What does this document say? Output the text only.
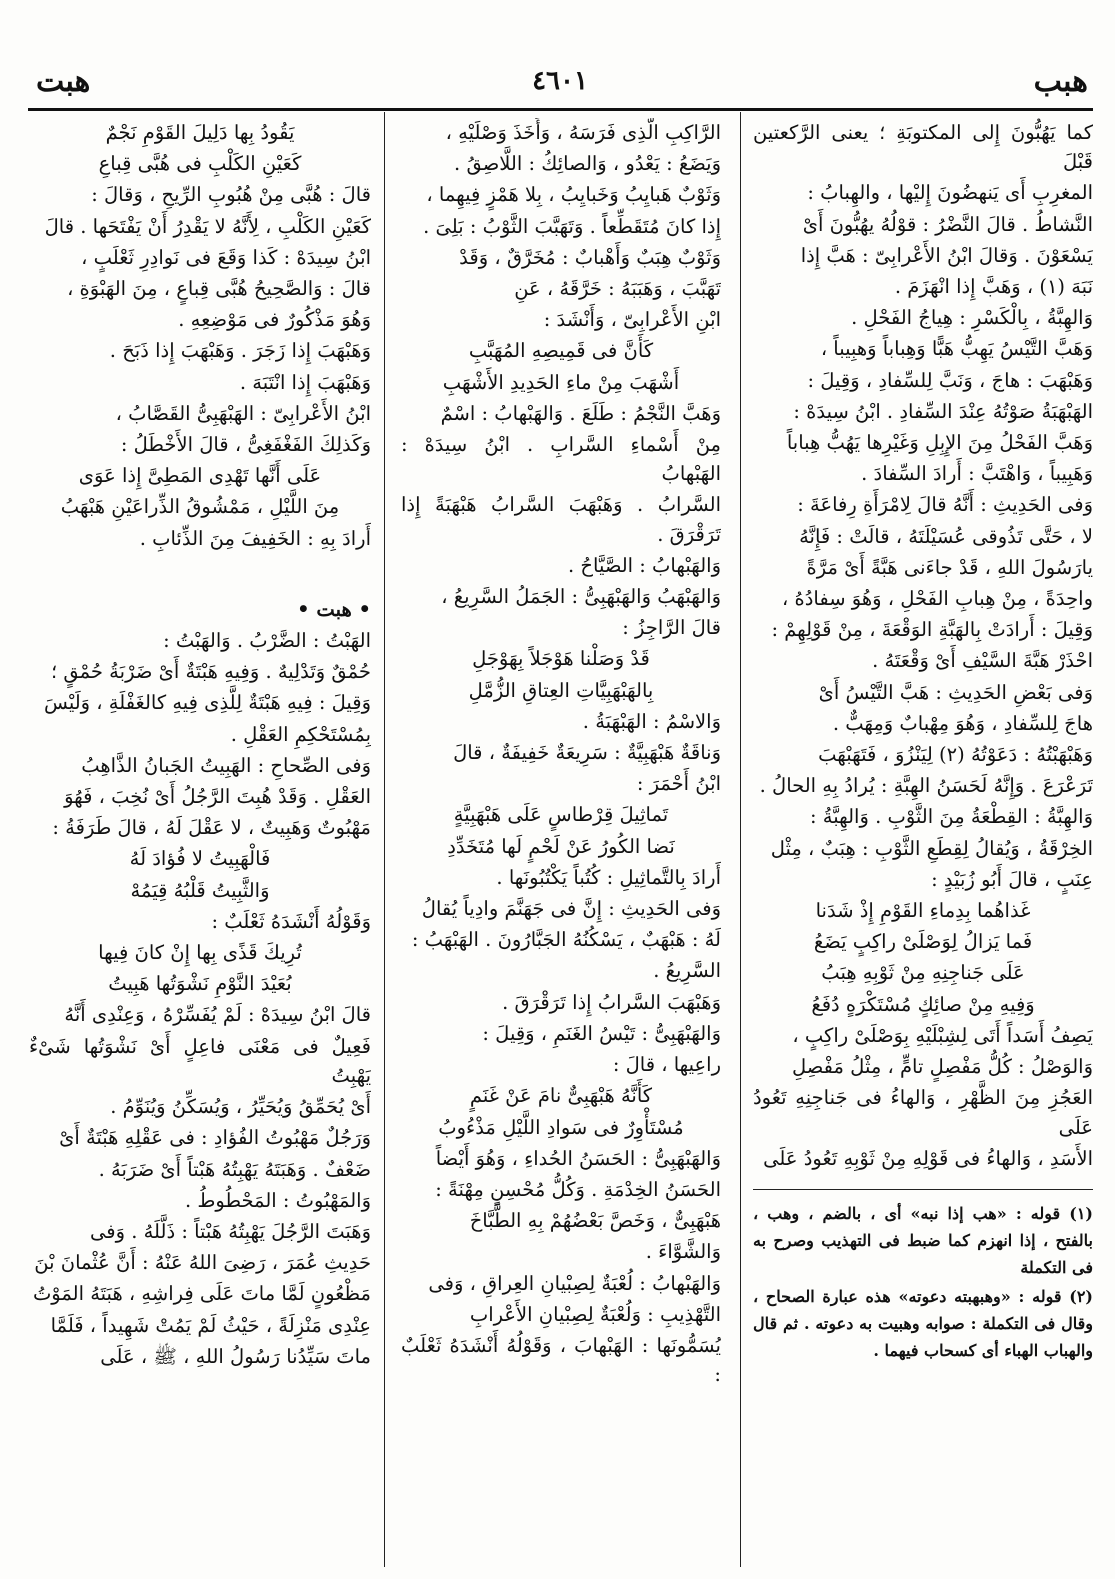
هبب
٤٦٠١
هبت

كما يَهُبُّونَ إِلى المكتوبَةِ ؛ يعنى الرَّكعتين قَبْلَ

المغرِبِ أَى يَنهضُونَ إِليْها ، والهِبابُ :

النَّشاطُ . قالَ النَّضْرُ : قوْلُهُ يهُبُّونَ أَىْ

يَسْعَوْنَ . وَقالَ ابْنُ الأَعْرابِىّ : هَبَّ إِذا

نَبَهَ (١) ، وَهَبَّ إِذا انْهَزَمَ .

وَالهِبَّةُ ، بِالْكَسْرِ : هِياجُ الفَحْلِ .

وَهَبَّ التَّيْسُ يَهِبُّ هَبًّا وَهِباباً وَهبِيباً ،

وَهَبْهَبَ : هاجَ ، وَنَبَّ لِلسِّفادِ ، وَقِيلَ :

الهَبْهَبَةُ صَوْتُهُ عِنْدَ السِّفادِ . ابْنُ سِيدَهْ :

وَهَبَّ الفَحْلُ مِنَ الإِبِلِ وَغَيْرِها يَهُبُّ هِباباً

وَهَبِيباً ، وَاهْتَبَّ : أَرادَ السِّفادَ .

وَفى الحَدِيثِ : أَنَّهُ قالَ لِامْرَأَةِ رِفاعَةَ :

لا ، حَتَّى تَذُوقى عُسَيْلَتَهُ ، قالَتْ : فَإِنَّهُ

يارَسُولَ اللهِ ، قَدْ جاءَنى هَبَّةً أَىْ مَرَّةً

واحِدَةً ، مِنْ هِبابِ الفَحْلِ ، وَهُوَ سِفادُهُ ،

وَقِيلَ : أَرادَتْ بِالهَبَّةِ الوَقْعَةَ ، مِنْ قَوْلِهِمْ :

احْذَرْ هَبَّةَ السَّيْفِ أَىْ وَقْعَتَهُ .

وَفى بَعْضِ الحَدِيثِ : هَبَّ التَّيْسُ أَىْ

هاجَ لِلسِّفادِ ، وَهُوَ مِهْبابٌ وَمِهَبٌّ .

وَهَبْهَبْتُهُ : دَعَوْتُهُ (٢) لِيَنْزُوَ ، فَتَهَبْهَبَ

تَرَعْرَعَ . وَإِنَّهُ لَحَسَنُ الهِبَّةِ : يُرادُ بِهِ الحالُ .

وَالهِبَّةُ : القِطْعَةُ مِنَ الثَّوْبِ . وَالهِبَّةُ :

الخِرْقَةُ ، وَيُقالُ لِقِطَعِ الثَّوْبِ : هِبَبٌ ، مِثْل

عِنَبٍ ، قالَ أَبُو زُبَيْدٍ :

غَذاهُما بِدِماءِ القَوْمِ إِذْ شَدَنا

فَما يَزالُ لِوَصْلَىْ راكِبٍ يَضَعُ

عَلَى جَناجِنِهِ مِنْ ثَوْبِهِ هِبَبُ

وَفِيهِ مِنْ صائِكٍ مُسْتَكْرَهٍ دُفَعُ

يَصِفُ أَسَداً أَتَى لِشِبْلَيْهِ بِوَصْلَىْ راكِبٍ ،

وَالوَصْلُ : كُلُّ مَفْصِلٍ تامٍّ ، مِثْلُ مَفْصِلِ

العَجُزِ مِنَ الظَّهْرِ ، وَالهاءُ فى جَناجِنِهِ تَعُودُ عَلَى

الأَسَدِ ، وَالهاءُ فى قَوْلِهِ مِنْ ثَوْبِهِ تَعُودُ عَلَى

(١) قوله : «هب إذا نبه» أى ، بالضم ، وهب ، بالفتح ، إذا انهزم كما ضبط فى التهذيب وصرح به فى التكملة

(٢) قوله : «وهبهبته دعوته» هذه عبارة الصحاح ، وقال فى التكملة : صوابه وهبيت به دعوته . ثم قال والهباب الهباء أى كسحاب فيهما .

الرَّاكِبِ الَّذِى فَرَسَهُ ، وَأَخَذَ وَصْلَيْهِ ،

وَيَضَعُ : يَعْدُو ، وَالصائِكُ : اللَّاصِقُ .

وَثَوْبٌ هَبايِبُ وَخَبايِبُ ، بِلا هَمْزٍ فِيهِما ،

إِذا كانَ مُتَقَطِّعاً . وَتَهَبَّبَ الثَّوْبُ : بَلِىَ .

وَثَوْبٌ هِبَبٌ وَأَهْبابٌ : مُخَرَّقٌ ، وَقَدْ

تَهَبَّبَ ، وَهَبَبَهُ : خَرَّقَهُ ، عَنِ

ابْنِ الأَعْرابِىّ ، وَأَنْشَدَ :

كَأَنَّ فى قَمِيصِهِ المُهَبَّبِ

أَشْهَبَ مِنْ ماءِ الحَدِيدِ الأَشْهَبِ

وَهَبَّ النَّجْمُ : طَلَعَ . وَالهَبْهابُ : اسْمٌ

مِنْ أَسْماءِ السَّرابِ . ابْنُ سِيدَهْ : الهَبْهابُ

السَّرابُ . وَهَبْهَبَ السَّرابُ هَبْهَبَةً إِذا تَرَقْرَقَ .

وَالهَبْهابُ : الصَّيَّاحُ .

وَالهَبْهَبُ وَالهَبْهَبِىُّ : الجَمَلُ السَّرِيعُ ،

قالَ الرَّاجِزُ :

قَدْ وَصَلْنا هَوْجَلاً بِهَوْجَلِ

بِالهَبْهَبِيَّاتِ العِتاقِ الزُّمَّلِ

وَالاسْمُ : الهَبْهَبَةُ .

وَناقَةٌ هَبْهَبِيَّةٌ : سَرِيعَةٌ خَفِيفَةٌ ، قالَ

ابْنُ أَحْمَرَ :

تَماثِيلَ قِرْطاسٍ عَلَى هَبْهَبِيَّةٍ

نَضا الكُورُ عَنْ لَحْمٍ لَها مُتَخَدِّدِ

أَرادَ بِالتَّماثِيلِ : كُتُباً يَكْتُبُونَها .

وَفى الحَدِيثِ : إِنَّ فى جَهَنَّمَ وادِياً يُقالُ

لَهُ : هَبْهَبٌ ، يَسْكُنُهُ الجَبَّارُونَ . الهَبْهَبُ :

السَّرِيعُ .

وَهَبْهَبَ السَّرابُ إِذا تَرَقْرَقَ .

وَالهَبْهَبِىُّ : تَيْسُ الغَنَمِ ، وَقِيلَ :

راعِيها ، قالَ :

كَأَنَّهُ هَبْهَبِىٌّ نامَ عَنْ غَنَمٍ

مُسْتَأْوِرٌ فى سَوادِ اللَّيْلِ مَذْءُوبُ

وَالهَبْهَبِىُّ : الحَسَنُ الحُداءِ ، وَهُوَ أَيْضاً

الحَسَنُ الخِدْمَةِ . وَكُلُّ مُحْسِنٍ مِهْنَةً :

هَبْهَبِىٌّ ، وَخَصَّ بَعْضُهُمْ بِهِ الطَّبَّاخَ

وَالشَّوَّاءَ .

وَالهَبْهابُ : لُعْبَةٌ لِصِبْيانِ العِراقِ ، وَفى

التَّهْذِيبِ : وَلُعْبَةٌ لِصِبْيانِ الأَعْرابِ

يُسَمُّونَها : الهَبْهابَ ، وَقَوْلُهُ أَنْشَدَهُ ثَعْلَبٌ :

يَقُودُ بِها دَلِيلَ القَوْمِ نَجْمٌ

كَعَيْنِ الكَلْبِ فى هُبَّى قِباعِ

قالَ : هُبَّى مِنْ هُبُوبِ الرِّيحِ ، وَقالَ :

كَعَيْنِ الكَلْبِ ، لِأَنَّهُ لا يَقْدِرُ أَنْ يَفْتَحَها . قالَ

ابْنُ سِيدَهْ : كَذا وَقَعَ فى نَوادِرِ ثَعْلَبٍ ،

قالَ : وَالصَّحِيحُ هُبَّى قِباعٍ ، مِنَ الهَبْوَةِ ،

وَهُوَ مَذْكُورٌ فى مَوْضِعِهِ .

وَهَبْهَبَ إِذا زَجَرَ . وَهَبْهَبَ إِذا ذَبَحَ .

وَهَبْهَبَ إِذا انْتَبَهَ .

ابْنُ الأَعْرابِىّ : الهَبْهَبِىُّ القَصَّابُ ،

وَكَذلِكَ الفَغْفَغِىُّ ، قالَ الأَخْطَلُ :

عَلَى أَنَّها تَهْدِى المَطِىَّ إِذا عَوَى

مِنَ اللَّيْلِ ، مَمْشُوقُ الذِّراعَيْنِ هَبْهَبُ

أَرادَ بِهِ : الخَفِيفَ مِنَ الذِّئابِ .

• هبت •

الهَبْتُ : الضَّرْبُ . وَالهَبْتُ :

حُمْقٌ وَتَدْلِيهٌ . وَفِيهِ هَبْتَةٌ أَىْ ضَرْبَةُ حُمْقٍ ؛

وَقِيلَ : فِيهِ هَبْتَةٌ لِلَّذِى فِيهِ كالغَفْلَةِ ، وَلَيْسَ

بِمُسْتَحْكِمِ العَقْلِ .

وَفى الصِّحاحِ : الهَبِيتُ الجَبانُ الذَّاهِبُ

العَقْلِ . وَقَدْ هُبِتَ الرَّجُلُ أَىْ نُخِبَ ، فَهُوَ

مَهْبُوتٌ وَهَبِيتٌ ، لا عَقْلَ لَهُ ، قالَ طَرَفَةُ :

فَالْهَبِيتُ لا فُؤادَ لَهُ

وَالثَّبِيتُ قَلْبُهُ قِيَمُهْ

وَقَوْلُهُ أَنْشَدَهُ ثَعْلَبٌ :

تُرِيكَ قَذًى بِها إِنْ كانَ فِيها

بُعَيْدَ النَّوْمِ نَشْوَتُها هَبِيتُ

قالَ ابْنُ سِيدَهْ : لَمْ يُفَسِّرْهُ ، وَعِنْدِى أَنَّهُ

فَعِيلٌ فى مَعْنَى فاعِلٍ أَىْ نَشْوَتُها شَىْءٌ يَهْبِتُ

أَىْ يُحَمِّقُ وَيُحَيِّرُ ، وَيُسَكِّنُ وَيُنَوِّمُ .

وَرَجُلٌ مَهْبُوتُ الفُؤادِ : فى عَقْلِهِ هَبْتَةٌ أَىْ

ضَعْفٌ . وَهَبَتَهُ يَهْبِتُهُ هَبْتاً أَىْ ضَرَبَهُ .

وَالمَهْبُوتُ : المَحْطُوطُ .

وَهَبَتَ الرَّجُلَ يَهْبِتُهُ هَبْتاً : ذَلَّلَهُ . وَفى

حَدِيثِ عُمَرَ ، رَضِىَ اللهُ عَنْهُ : أَنَّ عُثْمانَ بْنَ

مَظْعُونٍ لَمَّا ماتَ عَلَى فِراشِهِ ، هَبَتَهُ المَوْتُ

عِنْدِى مَنْزِلَةً ، حَيْثُ لَمْ يَمُتْ شَهِيداً ، فَلَمَّا

ماتَ سَيِّدُنا رَسُولُ اللهِ ، ﷺ ، عَلَى
